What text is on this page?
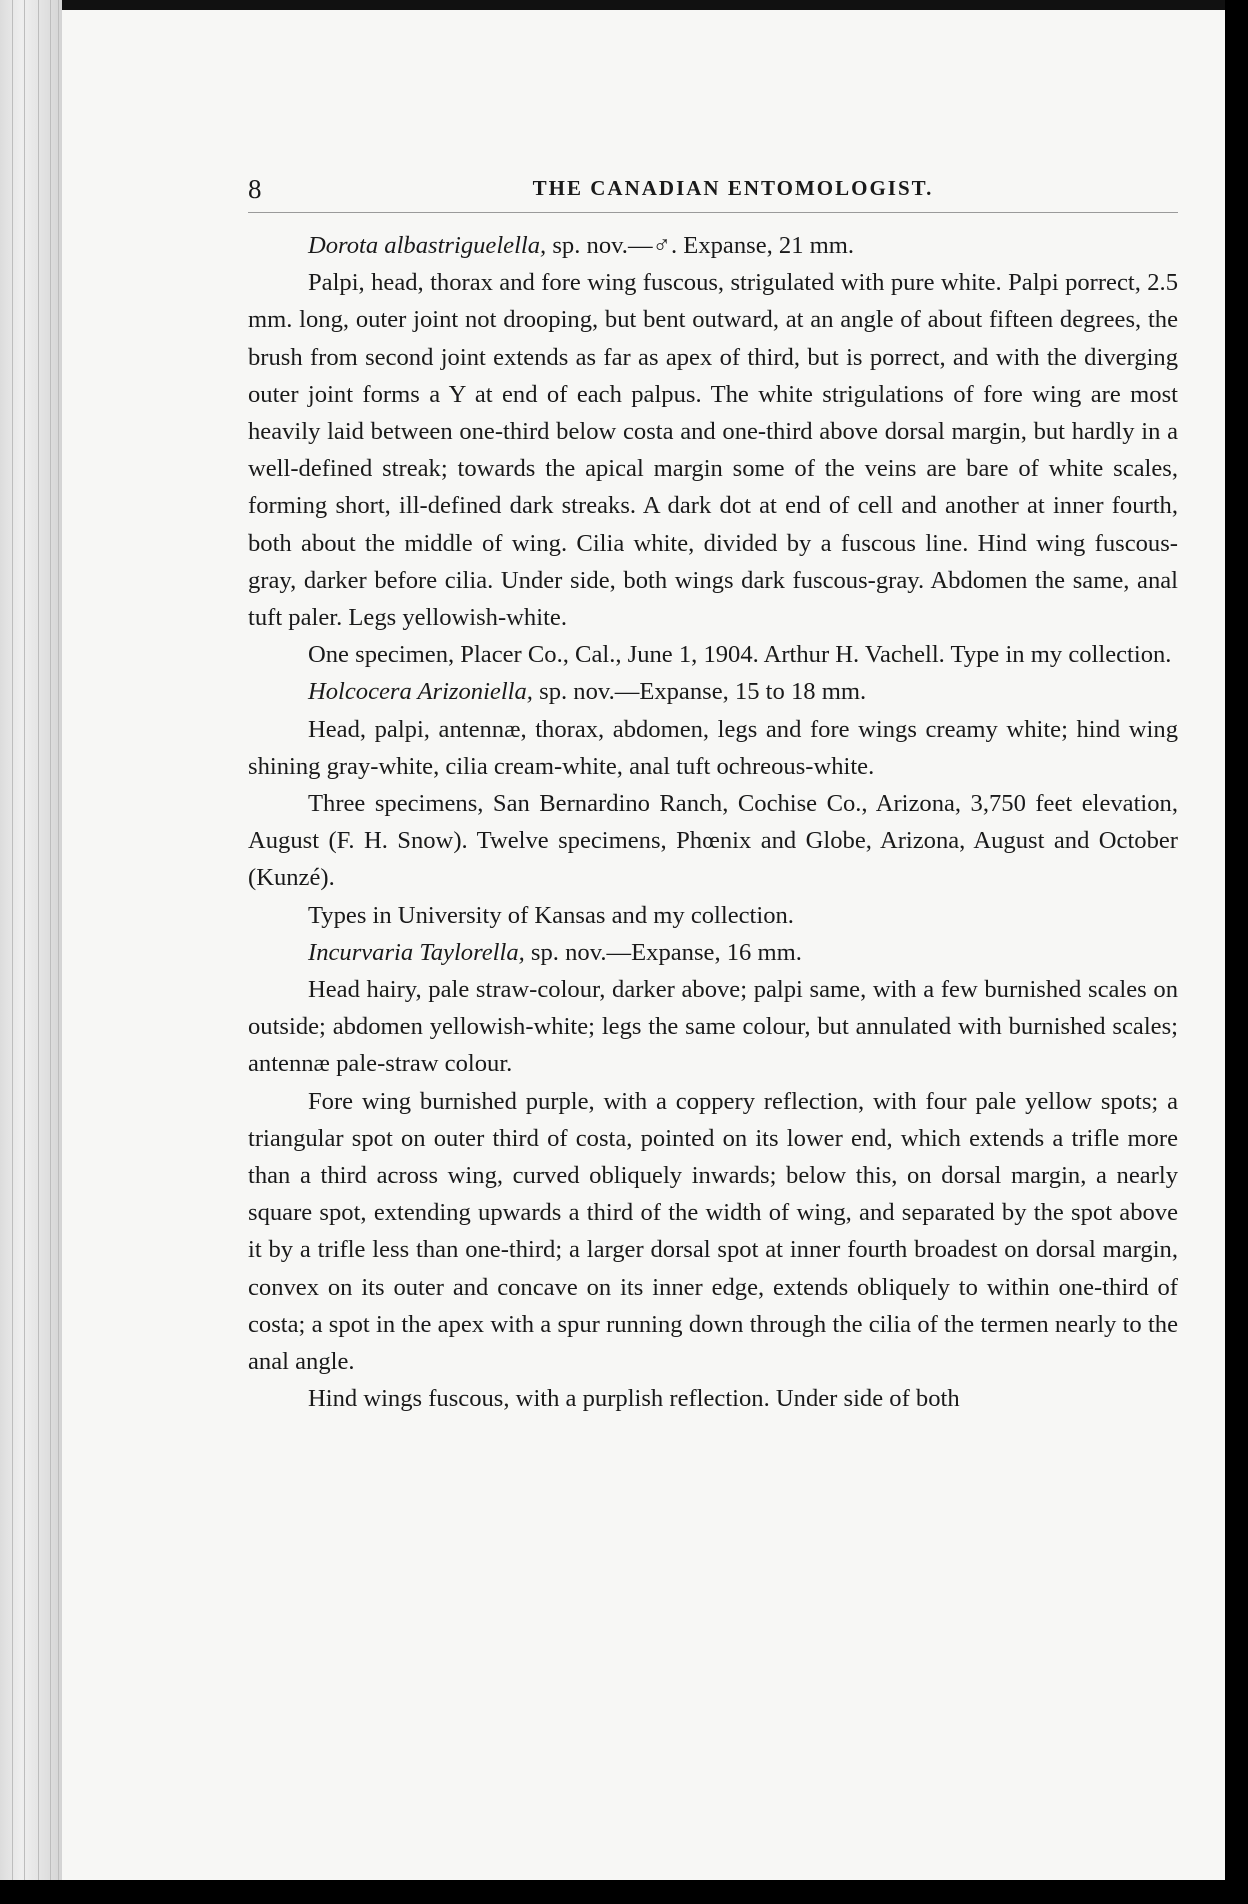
8	THE CANADIAN ENTOMOLOGIST.

Dorota albastriguelella, sp. nov.—♂. Expanse, 21 mm.

Palpi, head, thorax and fore wing fuscous, strigulated with pure white. Palpi porrect, 2.5 mm. long, outer joint not drooping, but bent outward, at an angle of about fifteen degrees, the brush from second joint extends as far as apex of third, but is porrect, and with the diverging outer joint forms a Y at end of each palpus. The white strigulations of fore wing are most heavily laid between one-third below costa and one-third above dorsal margin, but hardly in a well-defined streak; towards the apical margin some of the veins are bare of white scales, forming short, ill-defined dark streaks. A dark dot at end of cell and another at inner fourth, both about the middle of wing. Cilia white, divided by a fuscous line. Hind wing fuscous-gray, darker before cilia. Under side, both wings dark fuscous-gray. Abdomen the same, anal tuft paler. Legs yellowish-white.

One specimen, Placer Co., Cal., June 1, 1904. Arthur H. Vachell. Type in my collection.

Holcocera Arizoniella, sp. nov.—Expanse, 15 to 18 mm.

Head, palpi, antennæ, thorax, abdomen, legs and fore wings creamy white; hind wing shining gray-white, cilia cream-white, anal tuft ochreous-white.

Three specimens, San Bernardino Ranch, Cochise Co., Arizona, 3,750 feet elevation, August (F. H. Snow). Twelve specimens, Phœnix and Globe, Arizona, August and October (Kunzé).

Types in University of Kansas and my collection.

Incurvaria Taylorella, sp. nov.—Expanse, 16 mm.

Head hairy, pale straw-colour, darker above; palpi same, with a few burnished scales on outside; abdomen yellowish-white; legs the same colour, but annulated with burnished scales; antennæ pale-straw colour.

Fore wing burnished purple, with a coppery reflection, with four pale yellow spots; a triangular spot on outer third of costa, pointed on its lower end, which extends a trifle more than a third across wing, curved obliquely inwards; below this, on dorsal margin, a nearly square spot, extending upwards a third of the width of wing, and separated by the spot above it by a trifle less than one-third; a larger dorsal spot at inner fourth broadest on dorsal margin, convex on its outer and concave on its inner edge, extends obliquely to within one-third of costa; a spot in the apex with a spur running down through the cilia of the termen nearly to the anal angle.

Hind wings fuscous, with a purplish reflection. Under side of both
